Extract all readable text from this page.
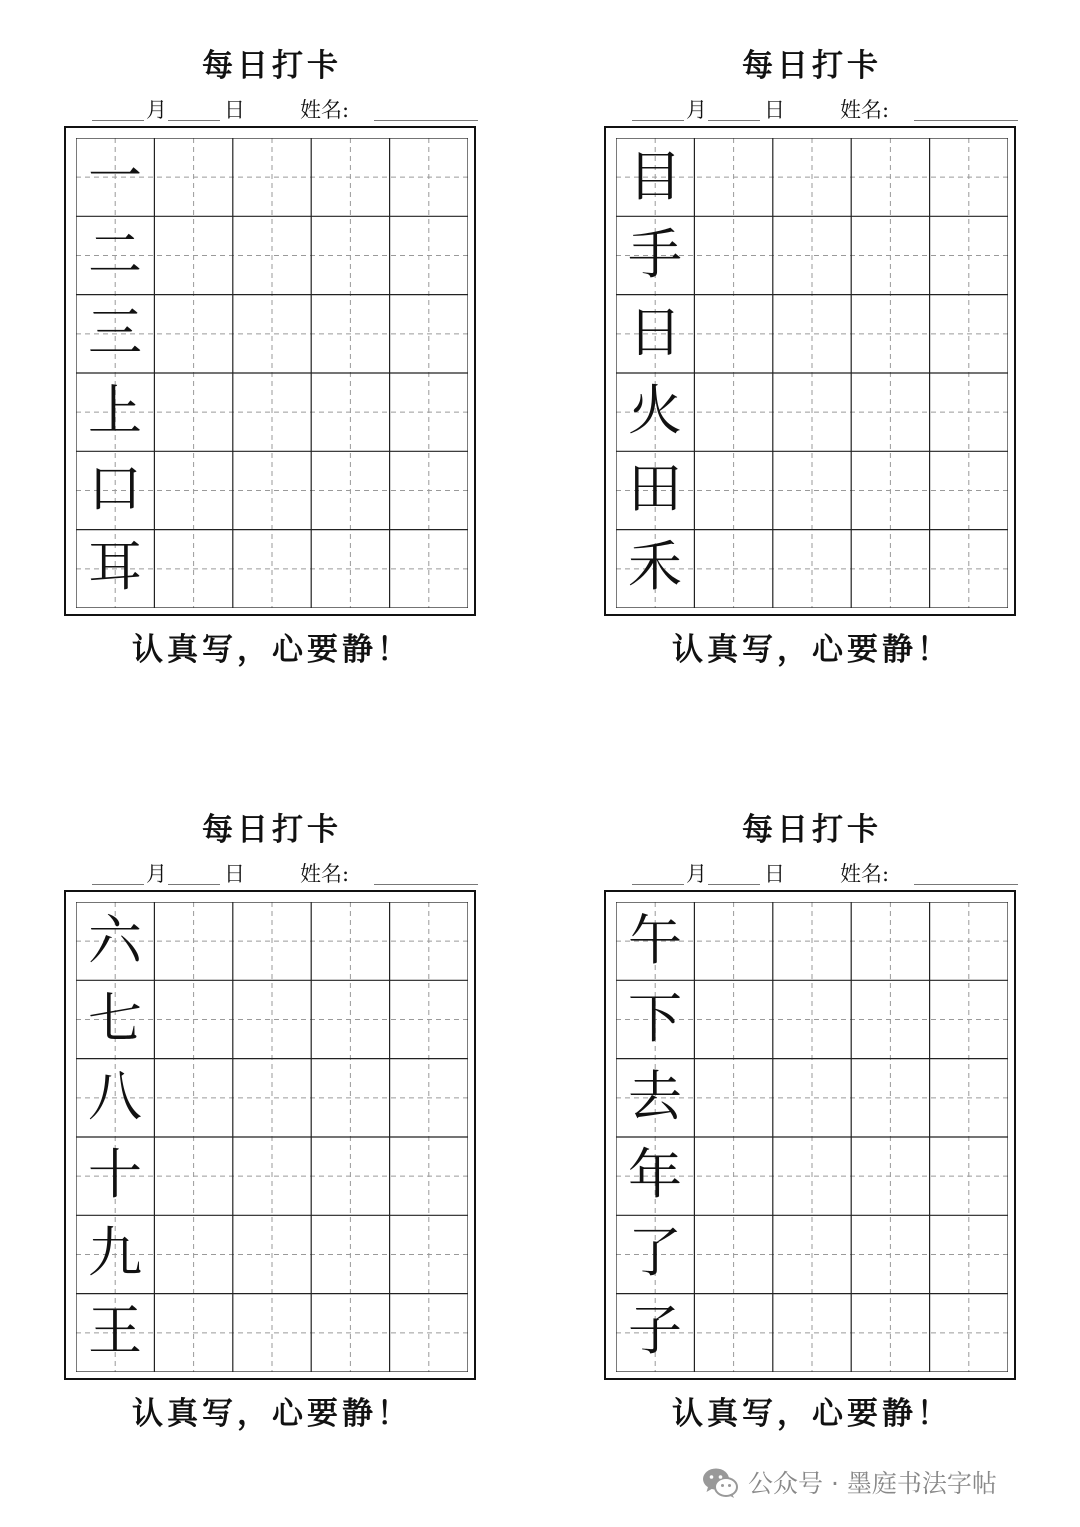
每日打卡
月	日	姓名:
一
二
三
上
口
耳
认真写，心要静！
每日打卡
月	日	姓名:
目
手
日
火
田
禾
认真写，心要静！
每日打卡
月	日	姓名:
六
七
八
十
九
王
认真写，心要静！
每日打卡
月	日	姓名:
午
下
去
年
了
子
认真写，心要静！
公众号 · 墨庭书法字帖
